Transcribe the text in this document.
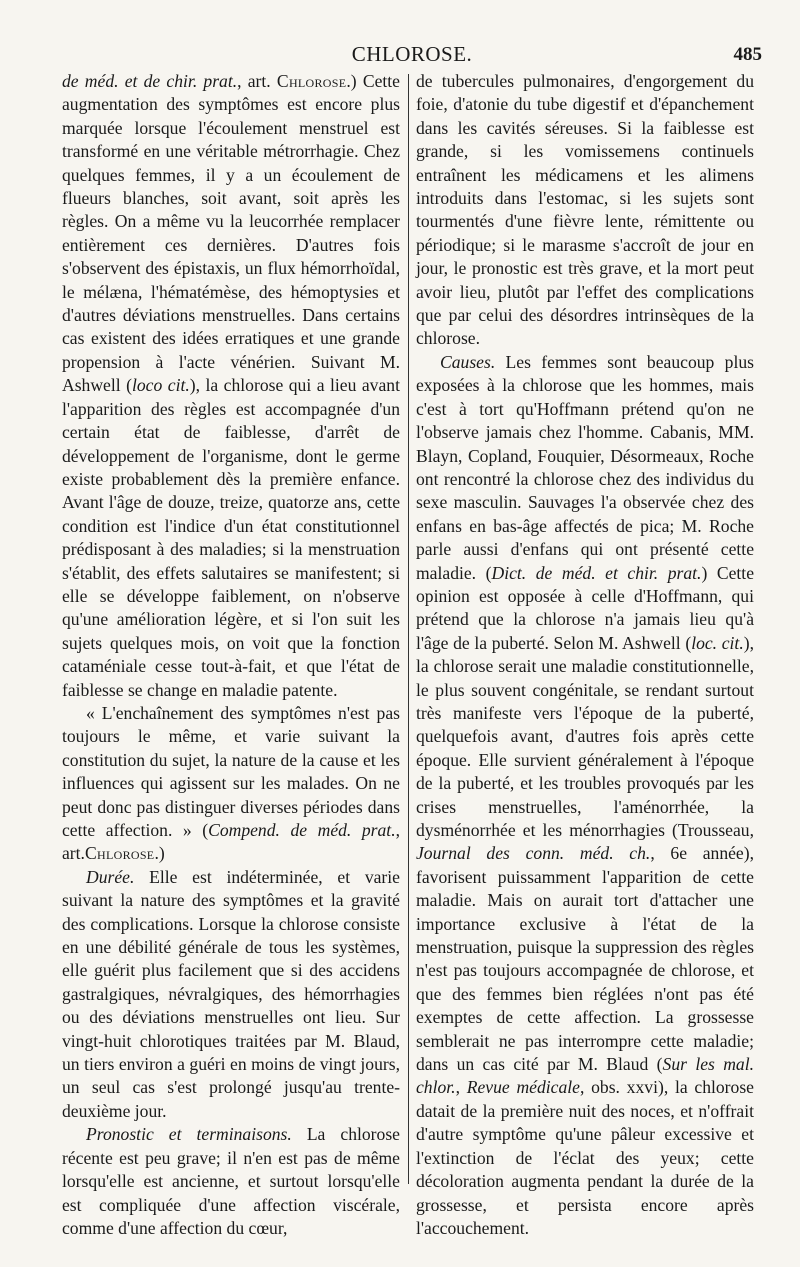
CHLOROSE.	485

de méd. et de chir. prat., art. Chlorose.) Cette augmentation des symptômes est encore plus marquée lorsque l'écoulement menstruel est transformé en une véritable métrorrhagie. Chez quelques femmes, il y a un écoulement de flueurs blanches, soit avant, soit après les règles. On a même vu la leucorrhée remplacer entièrement ces dernières. D'autres fois s'observent des épistaxis, un flux hémorrhoïdal, le mélæna, l'hématémèse, des hémoptysies et d'autres déviations menstruelles. Dans certains cas existent des idées erratiques et une grande propension à l'acte vénérien. Suivant M. Ashwell (loco cit.), la chlorose qui a lieu avant l'apparition des règles est accompagnée d'un certain état de faiblesse, d'arrêt de développement de l'organisme, dont le germe existe probablement dès la première enfance. Avant l'âge de douze, treize, quatorze ans, cette condition est l'indice d'un état constitutionnel prédisposant à des maladies; si la menstruation s'établit, des effets salutaires se manifestent; si elle se développe faiblement, on n'observe qu'une amélioration légère, et si l'on suit les sujets quelques mois, on voit que la fonction cataméniale cesse tout-à-fait, et que l'état de faiblesse se change en maladie patente.

« L'enchaînement des symptômes n'est pas toujours le même, et varie suivant la constitution du sujet, la nature de la cause et les influences qui agissent sur les malades. On ne peut donc pas distinguer diverses périodes dans cette affection. » (Compend. de méd. prat., art.Chlorose.)

Durée. Elle est indéterminée, et varie suivant la nature des symptômes et la gravité des complications. Lorsque la chlorose consiste en une débilité générale de tous les systèmes, elle guérit plus facilement que si des accidens gastralgiques, névralgiques, des hémorrhagies ou des déviations menstruelles ont lieu. Sur vingt-huit chlorotiques traitées par M. Blaud, un tiers environ a guéri en moins de vingt jours, un seul cas s'est prolongé jusqu'au trente-deuxième jour.

Pronostic et terminaisons. La chlorose récente est peu grave; il n'en est pas de même lorsqu'elle est ancienne, et surtout lorsqu'elle est compliquée d'une affection viscérale, comme d'une affection du cœur,

de tubercules pulmonaires, d'engorgement du foie, d'atonie du tube digestif et d'épanchement dans les cavités séreuses. Si la faiblesse est grande, si les vomissemens continuels entraînent les médicamens et les alimens introduits dans l'estomac, si les sujets sont tourmentés d'une fièvre lente, rémittente ou périodique; si le marasme s'accroît de jour en jour, le pronostic est très grave, et la mort peut avoir lieu, plutôt par l'effet des complications que par celui des désordres intrinsèques de la chlorose.

Causes. Les femmes sont beaucoup plus exposées à la chlorose que les hommes, mais c'est à tort qu'Hoffmann prétend qu'on ne l'observe jamais chez l'homme. Cabanis, MM. Blayn, Copland, Fouquier, Désormeaux, Roche ont rencontré la chlorose chez des individus du sexe masculin. Sauvages l'a observée chez des enfans en bas-âge affectés de pica; M. Roche parle aussi d'enfans qui ont présenté cette maladie. (Dict. de méd. et chir. prat.) Cette opinion est opposée à celle d'Hoffmann, qui prétend que la chlorose n'a jamais lieu qu'à l'âge de la puberté. Selon M. Ashwell (loc. cit.), la chlorose serait une maladie constitutionnelle, le plus souvent congénitale, se rendant surtout très manifeste vers l'époque de la puberté, quelquefois avant, d'autres fois après cette époque. Elle survient généralement à l'époque de la puberté, et les troubles provoqués par les crises menstruelles, l'aménorrhée, la dysménorrhée et les ménorrhagies (Trousseau, Journal des conn. méd. ch., 6e année), favorisent puissamment l'apparition de cette maladie. Mais on aurait tort d'attacher une importance exclusive à l'état de la menstruation, puisque la suppression des règles n'est pas toujours accompagnée de chlorose, et que des femmes bien réglées n'ont pas été exemptes de cette affection. La grossesse semblerait ne pas interrompre cette maladie; dans un cas cité par M. Blaud (Sur les mal. chlor., Revue médicale, obs. xxvi), la chlorose datait de la première nuit des noces, et n'offrait d'autre symptôme qu'une pâleur excessive et l'extinction de l'éclat des yeux; cette décoloration augmenta pendant la durée de la grossesse, et persista encore après l'accouchement.
